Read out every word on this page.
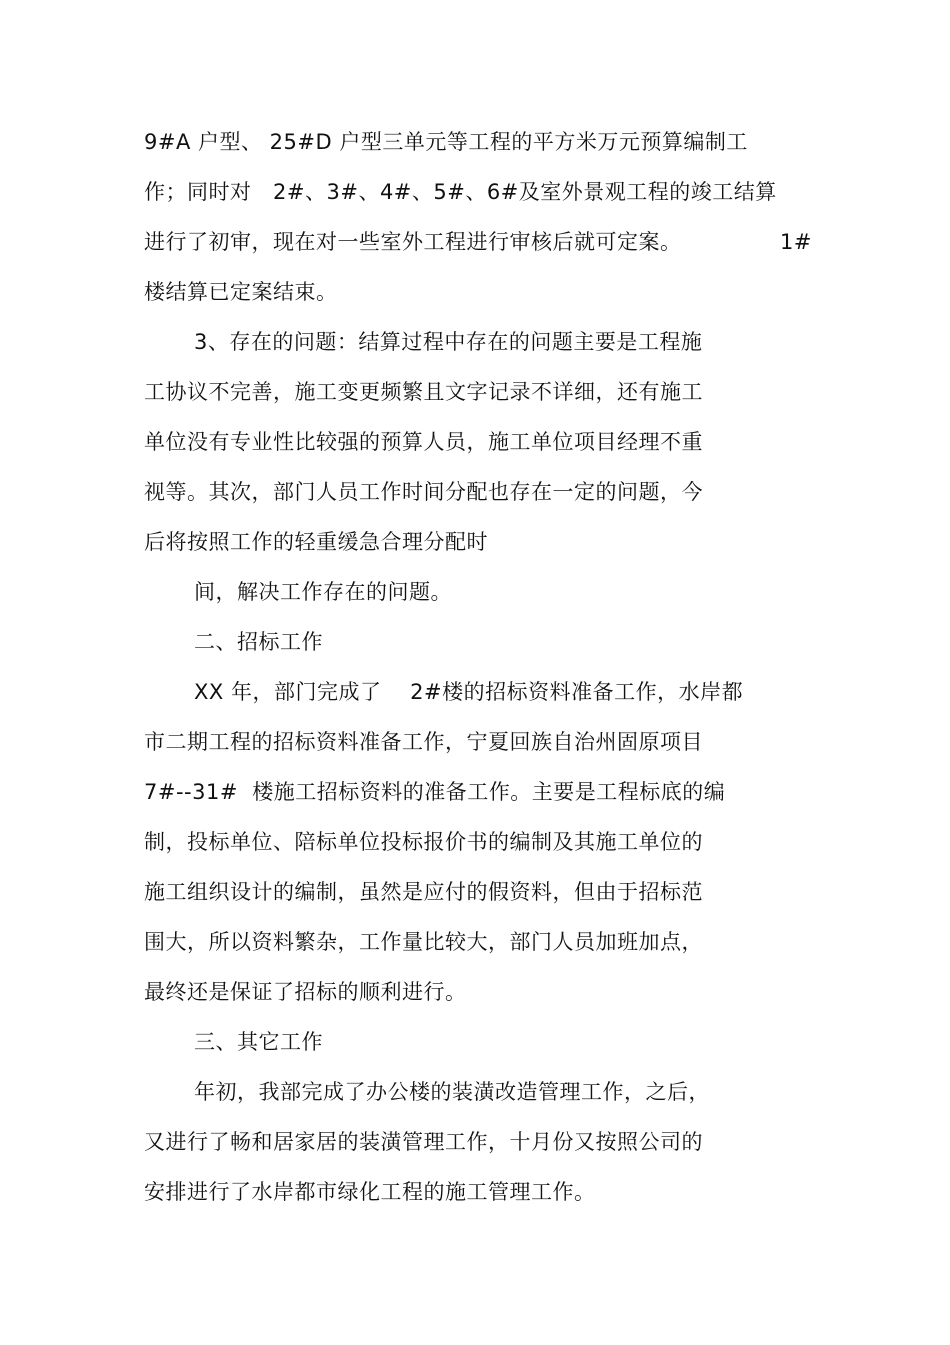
9#A 户型、 25#D 户型三单元等工程的平方米万元预算编制工
作；同时对   2#、3#、4#、5#、6#及室外景观工程的竣工结算
进行了初审，现在对一些室外工程进行审核后就可定案。	1#
楼结算已定案结束。
3、存在的问题：结算过程中存在的问题主要是工程施
工协议不完善，施工变更频繁且文字记录不详细，还有施工
单位没有专业性比较强的预算人员，施工单位项目经理不重
视等。其次，部门人员工作时间分配也存在一定的问题，今
后将按照工作的轻重缓急合理分配时
间，解决工作存在的问题。
二、招标工作
XX 年，部门完成了    2#楼的招标资料准备工作，水岸都
市二期工程的招标资料准备工作，宁夏回族自治州固原项目
7#--31#  楼施工招标资料的准备工作。主要是工程标底的编
制，投标单位、陪标单位投标报价书的编制及其施工单位的
施工组织设计的编制，虽然是应付的假资料，但由于招标范
围大，所以资料繁杂，工作量比较大，部门人员加班加点，
最终还是保证了招标的顺利进行。
三、其它工作
年初，我部完成了办公楼的装潢改造管理工作，之后，
又进行了畅和居家居的装潢管理工作，十月份又按照公司的
安排进行了水岸都市绿化工程的施工管理工作。
